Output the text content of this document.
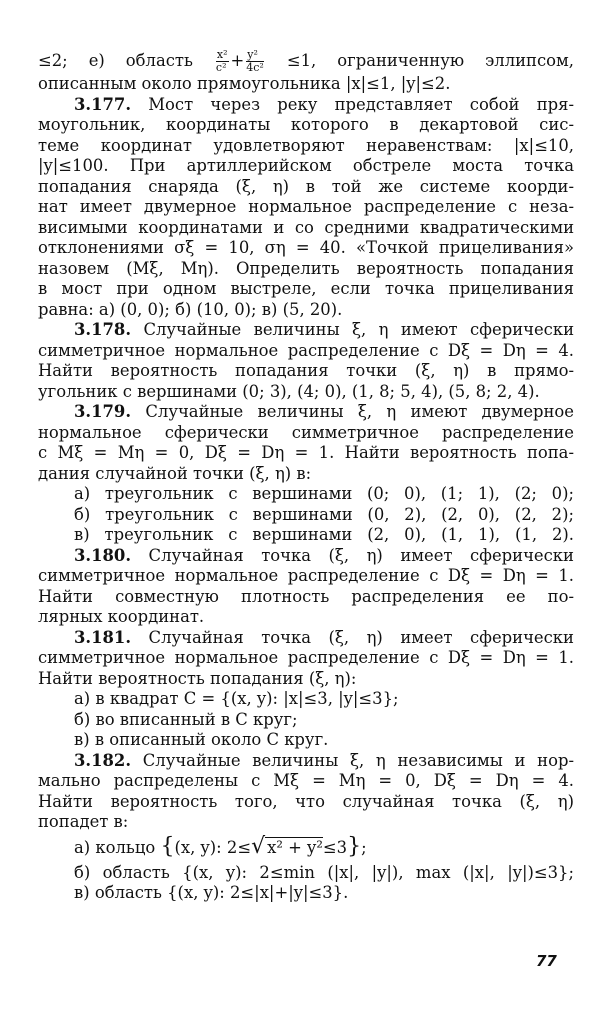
≤2; е) область $\frac{\text{x²}}{\text{c²}} + \frac{\text{y²}}{\text{4c²}} \le 1$, ограниченную эллипсом,
описанным около прямоугольника |x|≤1, |y|≤2.
3.177. Мост через реку представляет собой пря-
моугольник, координаты которого в декартовой сис-
теме координат удовлетворяют неравенствам: |x|≤10,
|y|≤100. При артиллерийском обстреле моста точка
попадания снаряда (ξ, η) в той же системе коорди-
нат имеет двумерное нормальное распределение с неза-
висимыми координатами и со средними квадратическими
отклонениями σξ = 10, ση = 40. «Точкой прицеливания»
назовем (Mξ, Mη). Определить вероятность попадания
в мост при одном выстреле, если точка прицеливания
равна: а) (0, 0); б) (10, 0); в) (5, 20).
3.178. Случайные величины ξ, η имеют сферически
симметричное нормальное распределение с Dξ = Dη = 4.
Найти вероятность попадания точки (ξ, η) в прямо-
угольник с вершинами (0; 3), (4; 0), (1, 8; 5, 4), (5, 8; 2, 4).
3.179. Случайные величины ξ, η имеют двумерное
нормальное сферически симметричное распределение
с Mξ = Mη = 0, Dξ = Dη = 1. Найти вероятность попа-
дания случайной точки (ξ, η) в:
а) треугольник с вершинами (0; 0), (1; 1), (2; 0);
б) треугольник с вершинами (0, 2), (2, 0), (2, 2);
в) треугольник с вершинами (2, 0), (1, 1), (1, 2).
3.180. Случайная точка (ξ, η) имеет сферически
симметричное нормальное распределение с Dξ = Dη = 1.
Найти совместную плотность распределения ее по-
лярных координат.
3.181. Случайная точка (ξ, η) имеет сферически
симметричное нормальное распределение с Dξ = Dη = 1.
Найти вероятность попадания (ξ, η):
а) в квадрат C = {(x, y): |x|≤3, |y|≤3};
б) во вписанный в C круг;
в) в описанный около C круг.
3.182. Случайные величины ξ, η независимы и нор-
мально распределены с Mξ = Mη = 0, Dξ = Dη = 4.
Найти вероятность того, что случайная точка (ξ, η)
попадет в:
а) кольцо {(x, y): 2≤√ x² + y²≤3};
б) область {(x, y): 2≤min (|x|, |y|), max (|x|, |y|)≤3};
в) область {(x, y): 2≤|x|+|y|≤3}.
77
